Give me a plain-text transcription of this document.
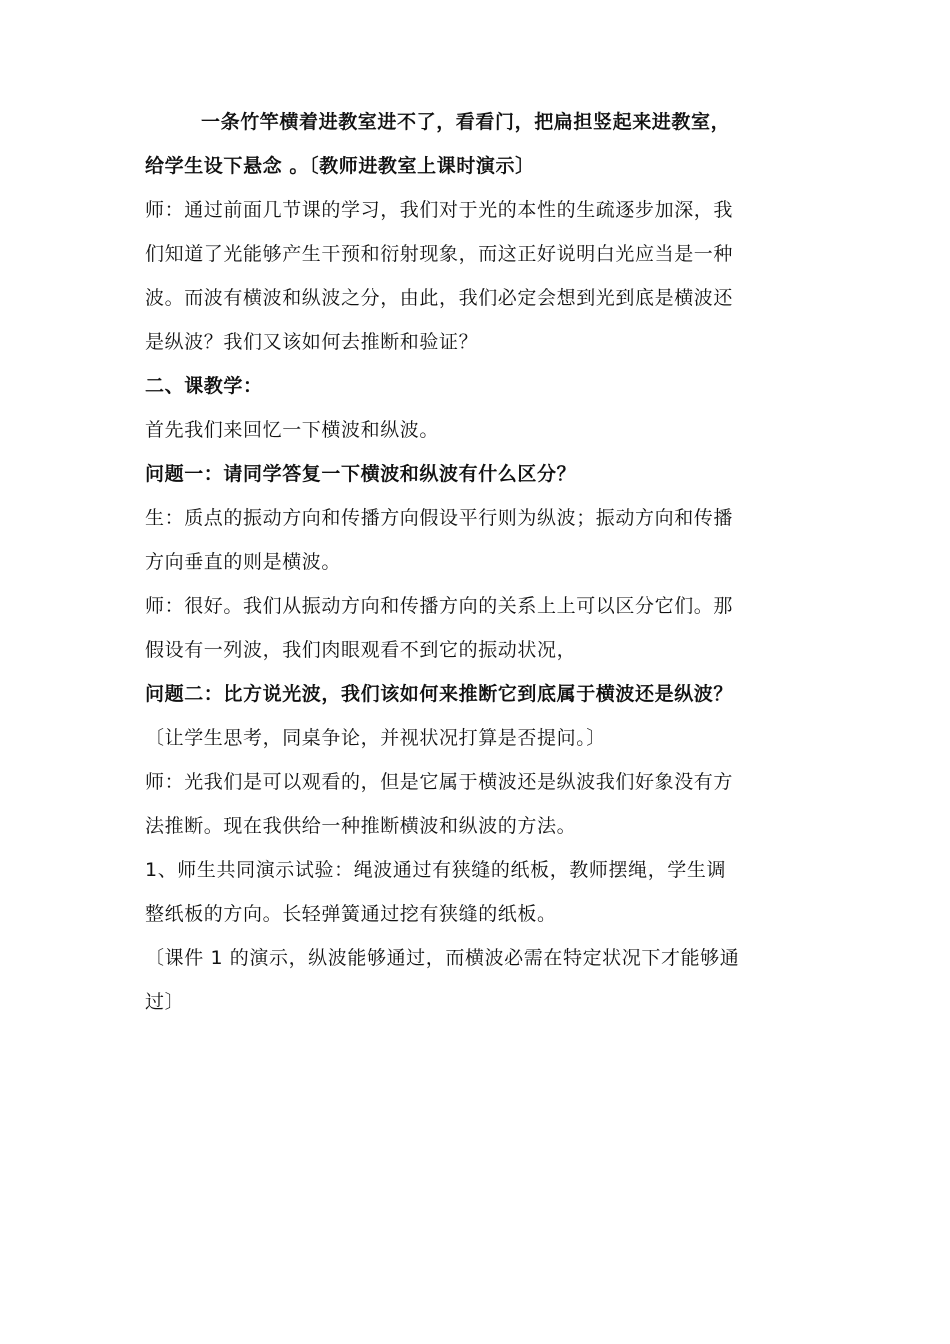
一条竹竿横着进教室进不了，看看门，把扁担竖起来进教室，
给学生设下悬念 。〔教师进教室上课时演示〕
师：通过前面几节课的学习，我们对于光的本性的生疏逐步加深，我
们知道了光能够产生干预和衍射现象，而这正好说明白光应当是一种
波。而波有横波和纵波之分，由此，我们必定会想到光到底是横波还
是纵波？我们又该如何去推断和验证？
二、课教学：
首先我们来回忆一下横波和纵波。
问题一：请同学答复一下横波和纵波有什么区分？
生：质点的振动方向和传播方向假设平行则为纵波；振动方向和传播
方向垂直的则是横波。
师：很好。我们从振动方向和传播方向的关系上上可以区分它们。那
假设有一列波，我们肉眼观看不到它的振动状况，
问题二：比方说光波，我们该如何来推断它到底属于横波还是纵波？
〔让学生思考，同桌争论，并视状况打算是否提问。〕
师：光我们是可以观看的，但是它属于横波还是纵波我们好象没有方
法推断。现在我供给一种推断横波和纵波的方法。
1、师生共同演示试验：绳波通过有狭缝的纸板，教师摆绳，学生调
整纸板的方向。长轻弹簧通过挖有狭缝的纸板。
〔课件 1 的演示，纵波能够通过，而横波必需在特定状况下才能够通
过〕
